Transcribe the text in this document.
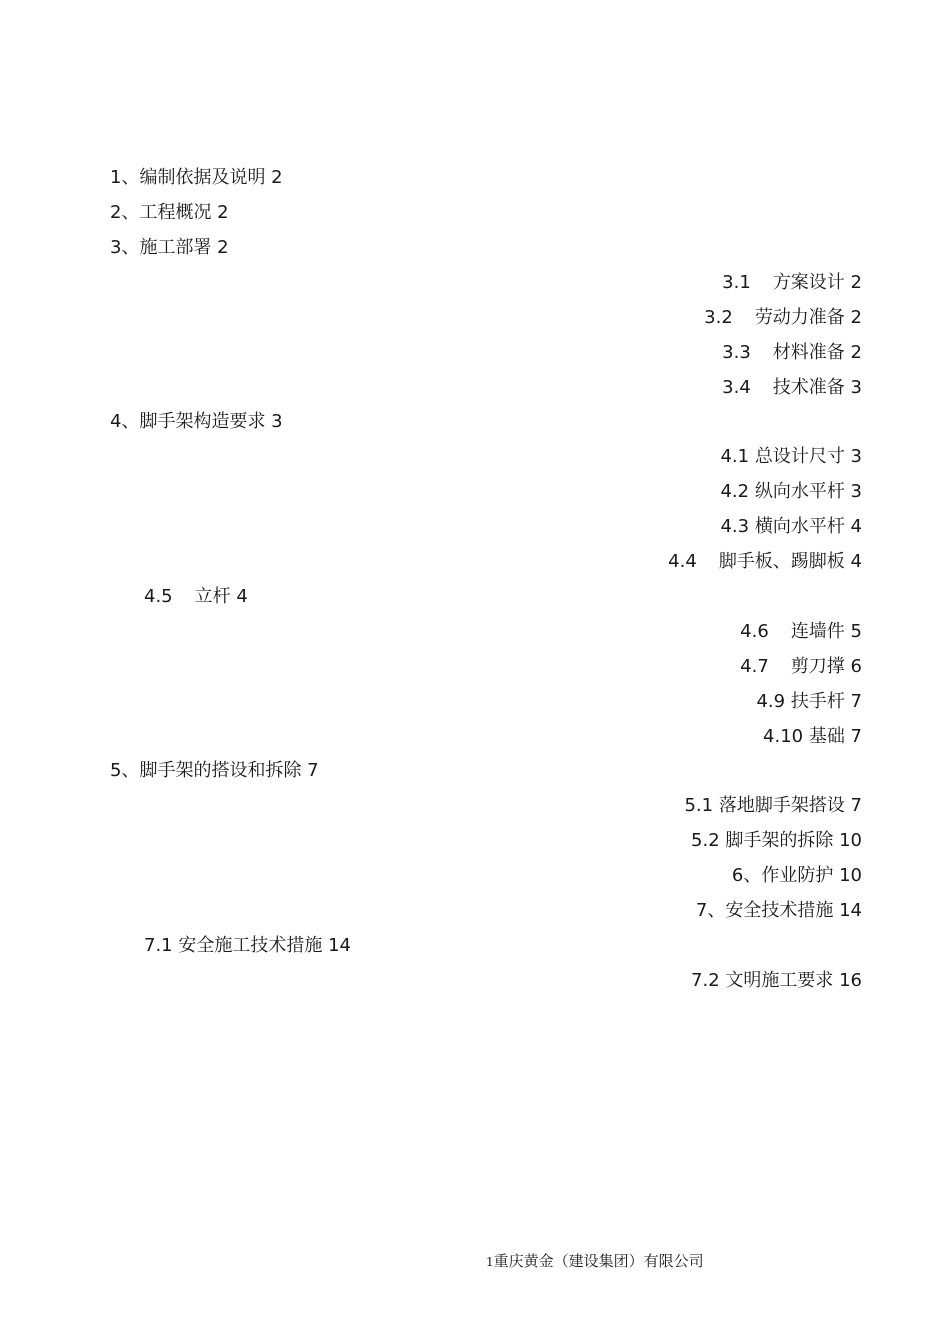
1、编制依据及说明 2
2、工程概况 2
3、施工部署 2
3.1 方案设计 2
3.2 劳动力准备 2
3.3 材料准备 2
3.4 技术准备 3
4、脚手架构造要求 3
4.1 总设计尺寸 3
4.2 纵向水平杆 3
4.3 横向水平杆 4
4.4 脚手板、踢脚板 4
4.5 立杆 4
4.6 连墙件 5
4.7 剪刀撑 6
4.9 扶手杆 7
4.10 基础 7
5、脚手架的搭设和拆除 7
5.1 落地脚手架搭设 7
5.2 脚手架的拆除 10
6、作业防护 10
7、安全技术措施 14
7.1 安全施工技术措施 14
7.2 文明施工要求 16
1重庆黄金（建设集团）有限公司
